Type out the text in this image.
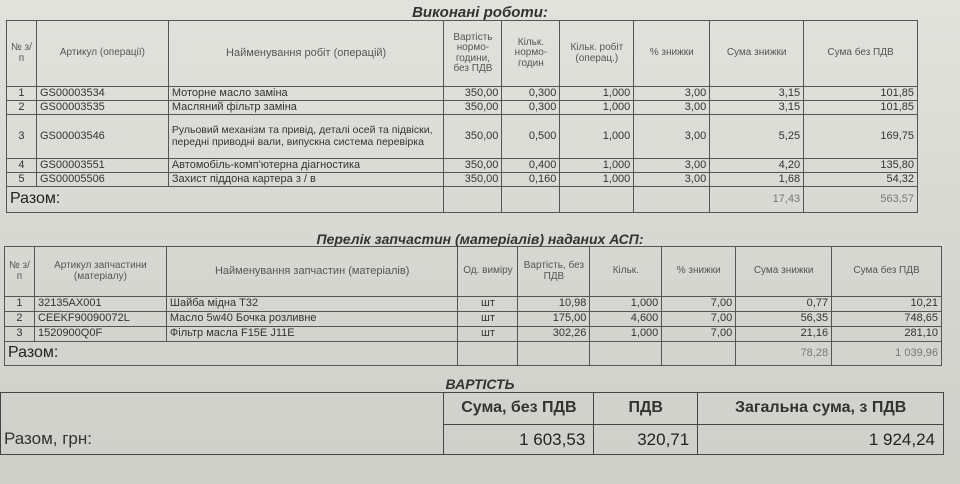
Виконані роботи:
№ з/п	Артикул (операції)	Найменування робіт (операцій)	Вартість нормо-години, без ПДВ	Кільк. нормо-годин	Кільк. робіт (операц.)	% знижки	Сума знижки	Сума без ПДВ
1	GS00003534	Моторне масло заміна	350,00	0,300	1,000	3,00	3,15	101,85
2	GS00003535	Масляний фільтр заміна	350,00	0,300	1,000	3,00	3,15	101,85
3	GS00003546	Рульовий механізм та привід, деталі осей та підвіски, передні приводні вали, випускна система перевірка	350,00	0,500	1,000	3,00	5,25	169,75
4	GS00003551	Автомобіль-комп'ютерна діагностика	350,00	0,400	1,000	3,00	4,20	135,80
5	GS00005506	Захист піддона картера з / в	350,00	0,160	1,000	3,00	1,68	54,32
Разом:							17,43	563,57
Перелік запчастин (матеріалів) наданих АСП:
№ з/п	Артикул запчастини (матеріалу)	Найменування запчастин (матеріалів)	Од. виміру	Вартість, без ПДВ	Кільк.	% знижки	Сума знижки	Сума без ПДВ
1	32135AX001	Шайба мідна Т32	шт	10,98	1,000	7,00	0,77	10,21
2	CEEKF90090072L	Масло 5w40 Бочка розливне	шт	175,00	4,600	7,00	56,35	748,65
3	1520900Q0F	Фільтр масла F15E J11E	шт	302,26	1,000	7,00	21,16	281,10
Разом:							78,28	1 039,96
ВАРТІСТЬ
	Сума, без ПДВ	ПДВ	Загальна сума, з ПДВ
Разом, грн:	1 603,53	320,71	1 924,24
